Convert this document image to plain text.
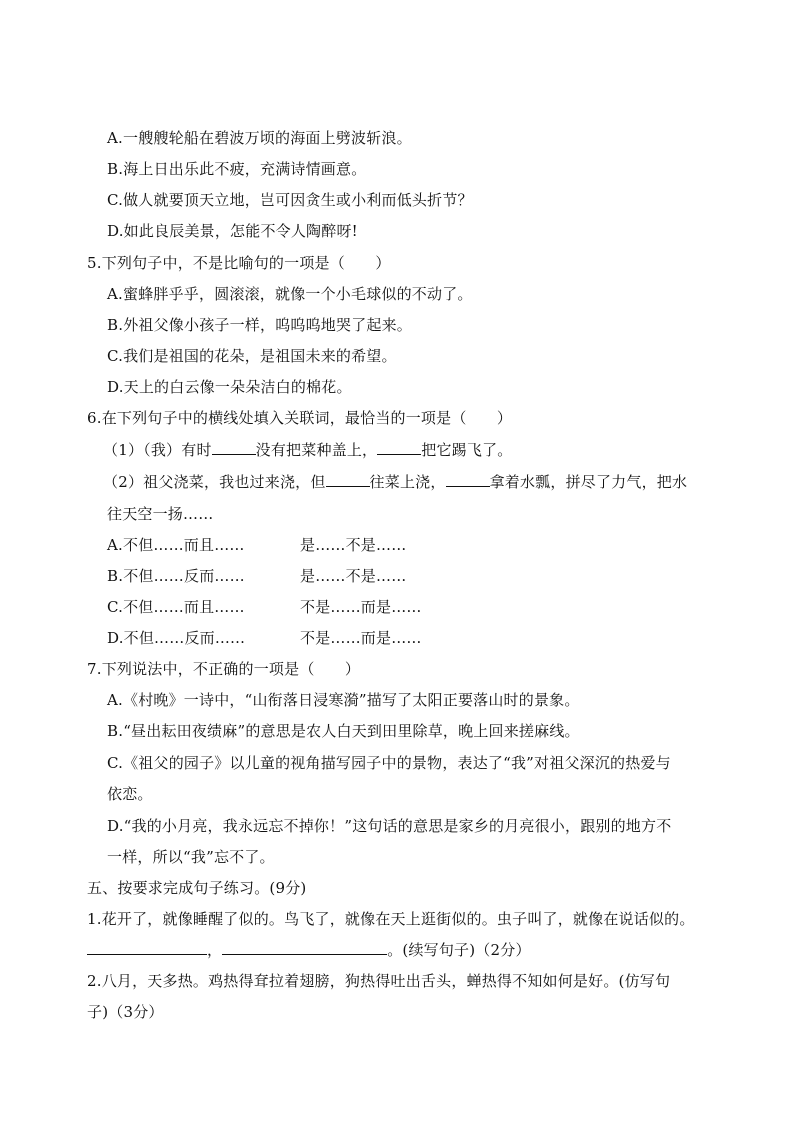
A.一艘艘轮船在碧波万顷的海面上劈波斩浪。
B.海上日出乐此不疲，充满诗情画意。
C.做人就要顶天立地，岂可因贪生或小利而低头折节？
D.如此良辰美景，怎能不令人陶醉呀!
5.下列句子中，不是比喻句的一项是（　　）
A.蜜蜂胖乎乎，圆滚滚，就像一个小毛球似的不动了。
B.外祖父像小孩子一样，呜呜呜地哭了起来。
C.我们是祖国的花朵，是祖国未来的希望。
D.天上的白云像一朵朵洁白的棉花。
6.在下列句子中的横线处填入关联词，最恰当的一项是（　　）
（1）（我）有时	没有把菜种盖上，	把它踢飞了。
（2）祖父浇菜，我也过来浇，但	往菜上浇，	拿着水瓢，拼尽了力气，把水
往天空一扬……
A.不但……而且……	是……不是……
B.不但……反而……	是……不是……
C.不但……而且……	不是……而是……
D.不但……反而……	不是……而是……
7.下列说法中，不正确的一项是（　　）
A.《村晚》一诗中，“山衔落日浸寒漪”描写了太阳正要落山时的景象。
B.“昼出耘田夜绩麻”的意思是农人白天到田里除草，晚上回来搓麻线。
C.《祖父的园子》以儿童的视角描写园子中的景物，表达了“我”对祖父深沉的热爱与
依恋。
D.“我的小月亮，我永远忘不掉你！”这句话的意思是家乡的月亮很小，跟别的地方不
一样，所以“我”忘不了。
五、按要求完成句子练习。(9分)
1.花开了，就像睡醒了似的。鸟飞了，就像在天上逛街似的。虫子叫了，就像在说话似的。
，	。(续写句子)（2分）
2.八月，天多热。鸡热得耷拉着翅膀，狗热得吐出舌头，蝉热得不知如何是好。(仿写句
子)（3分）
